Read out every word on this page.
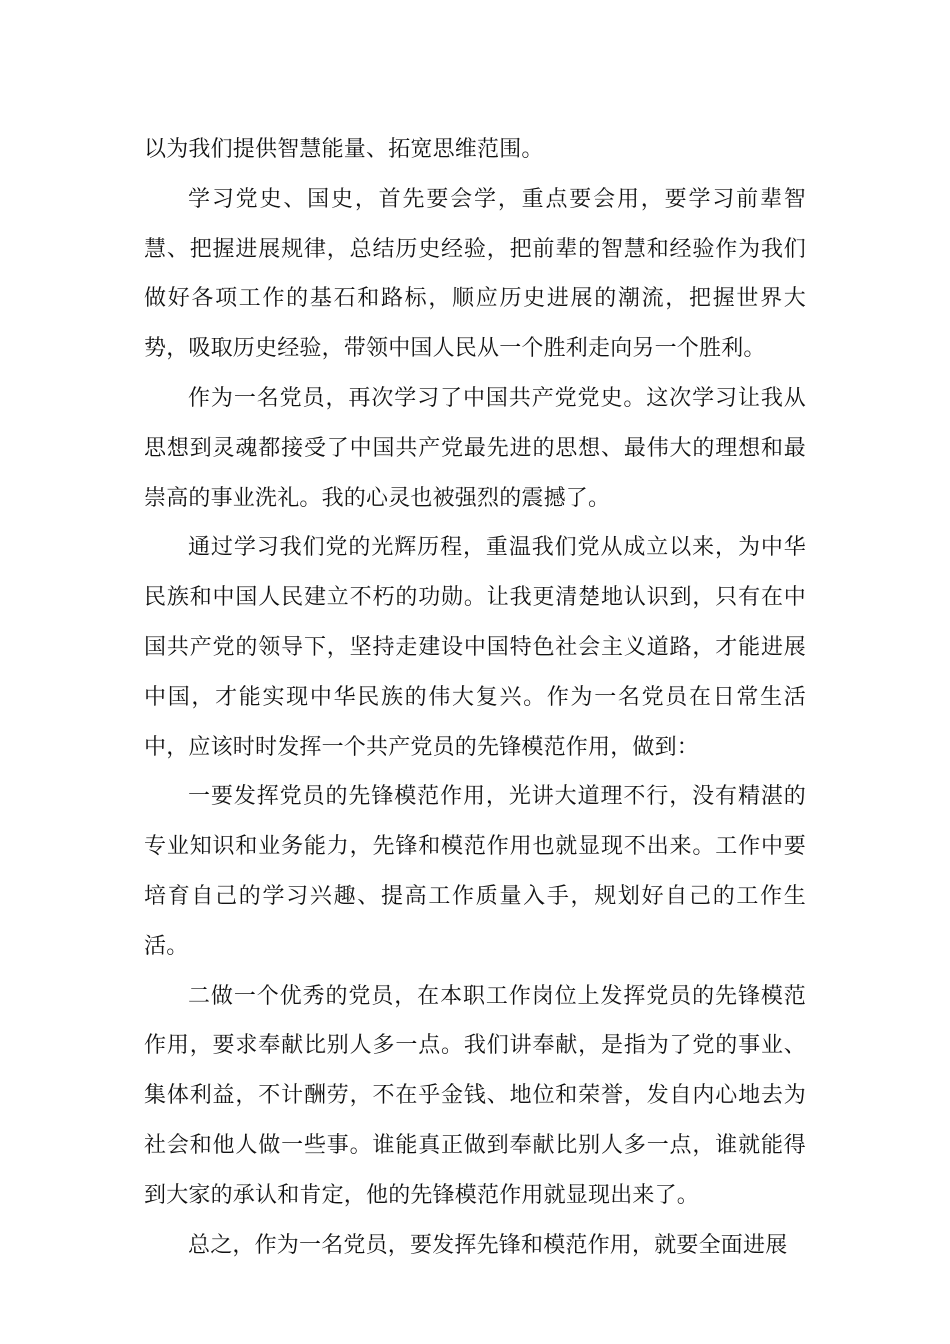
以为我们提供智慧能量、拓宽思维范围。

学习党史、国史，首先要会学，重点要会用，要学习前辈智慧、把握进展规律，总结历史经验，把前辈的智慧和经验作为我们做好各项工作的基石和路标，顺应历史进展的潮流，把握世界大势，吸取历史经验，带领中国人民从一个胜利走向另一个胜利。

作为一名党员，再次学习了中国共产党党史。这次学习让我从思想到灵魂都接受了中国共产党最先进的思想、最伟大的理想和最崇高的事业洗礼。我的心灵也被强烈的震撼了。

通过学习我们党的光辉历程，重温我们党从成立以来，为中华民族和中国人民建立不朽的功勋。让我更清楚地认识到，只有在中国共产党的领导下，坚持走建设中国特色社会主义道路，才能进展中国，才能实现中华民族的伟大复兴。作为一名党员在日常生活中，应该时时发挥一个共产党员的先锋模范作用，做到：

一要发挥党员的先锋模范作用，光讲大道理不行，没有精湛的专业知识和业务能力，先锋和模范作用也就显现不出来。工作中要培育自己的学习兴趣、提高工作质量入手，规划好自己的工作生活。

二做一个优秀的党员，在本职工作岗位上发挥党员的先锋模范作用，要求奉献比别人多一点。我们讲奉献，是指为了党的事业、集体利益，不计酬劳，不在乎金钱、地位和荣誉，发自内心地去为社会和他人做一些事。谁能真正做到奉献比别人多一点，谁就能得到大家的承认和肯定，他的先锋模范作用就显现出来了。

总之，作为一名党员，要发挥先锋和模范作用，就要全面进展
